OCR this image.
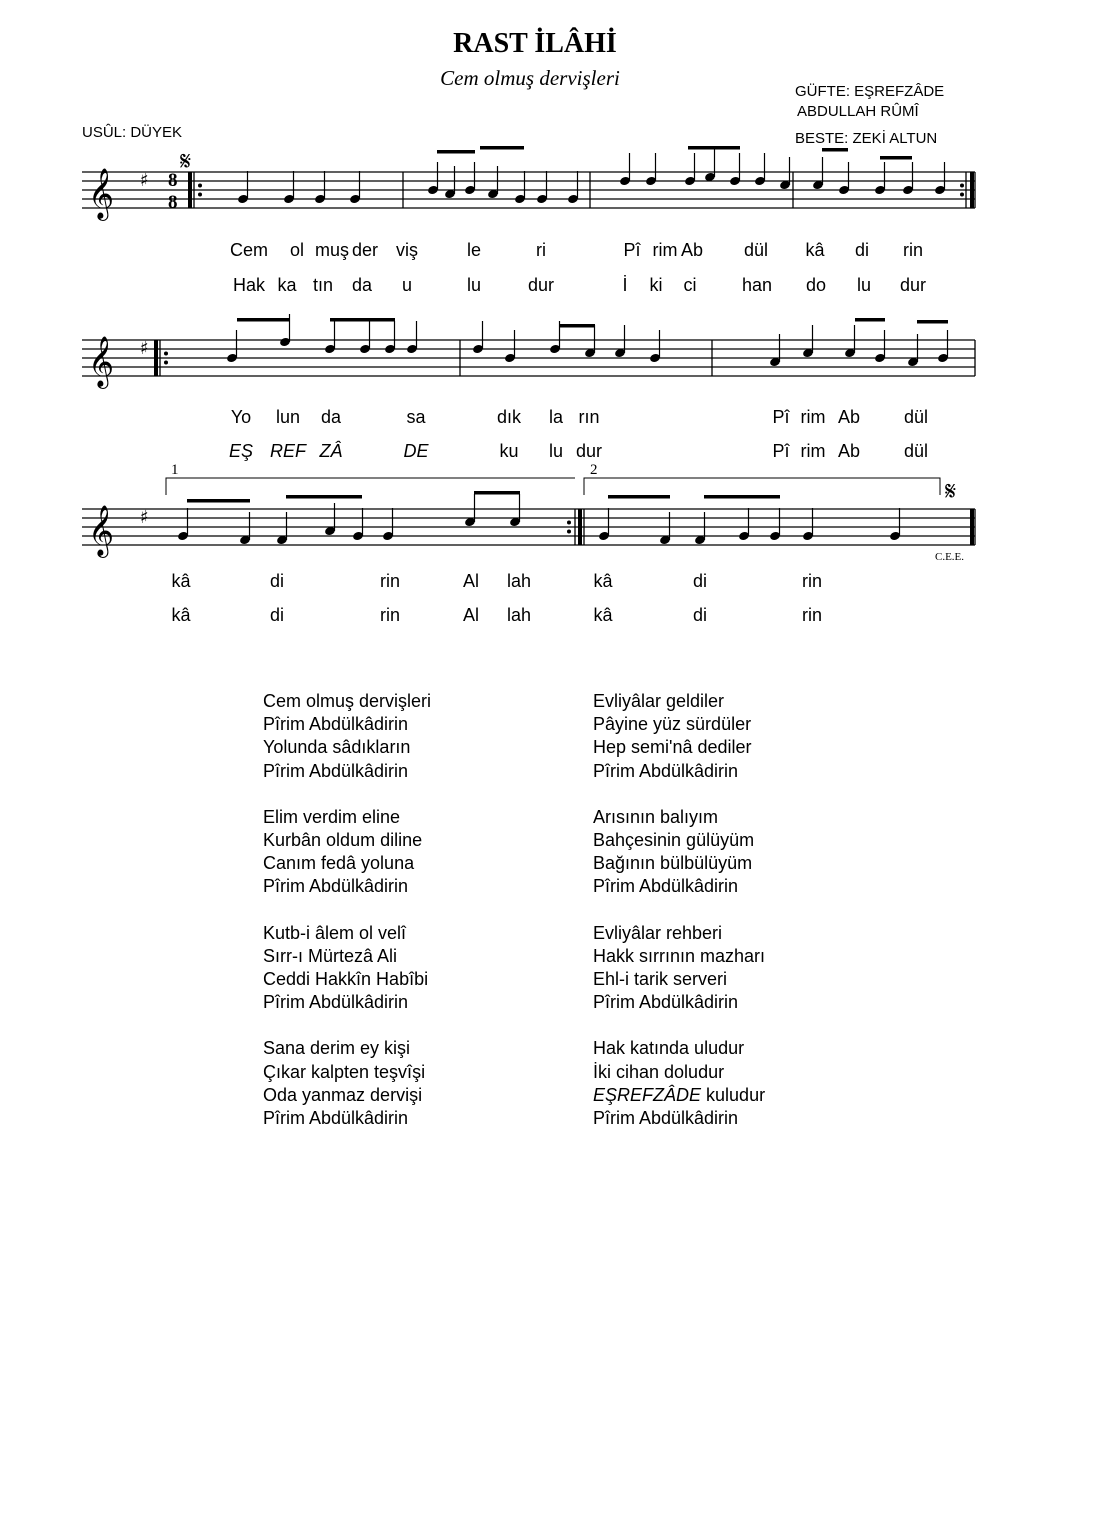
RAST İLÂHİ
Cem olmuş dervişleri
USÛL: DÜYEK
GÜFTE: EŞREFZÂDE
ABDULLAH RÛMÎ
BESTE: ZEKİ ALTUN
𝄞 ♯
𝄞 ♯
𝄞 ♯
𝄋
𝄋
8
8
1	2
C.E.E.
Cem ol muş der viş	le	ri	Pî rim Ab dül kâ di rin
Hak ka tın da u	lu	dur	İ ki ci	han do lu dur
Yo lun da	sa	dık la rın	Pî rim Ab dül
EŞ REF ZÂ	DE	ku lu dur	Pî rim Ab dül
kâ	di	rin	Al lah	kâ	di	rin
kâ	di	rin	Al lah	kâ	di	rin
Cem olmuş dervişleri
Pîrim Abdülkâdirin
Yolunda sâdıkların
Pîrim Abdülkâdirin
Elim verdim eline
Kurbân oldum diline
Canım fedâ yoluna
Pîrim Abdülkâdirin
Kutb-i âlem ol velî
Sırr-ı Mürtezâ Ali
Ceddi Hakkîn Habîbi
Pîrim Abdülkâdirin
Sana derim ey kişi
Çıkar kalpten teşvîşi
Oda yanmaz dervişi
Pîrim Abdülkâdirin
Evliyâlar geldiler
Pâyine yüz sürdüler
Hep semi'nâ dediler
Pîrim Abdülkâdirin
Arısının balıyım
Bahçesinin gülüyüm
Bağının bülbülüyüm
Pîrim Abdülkâdirin
Evliyâlar rehberi
Hakk sırrının mazharı
Ehl-i tarik serveri
Pîrim Abdülkâdirin
Hak katında uludur
İki cihan doludur
EŞREFZÂDE kuludur
Pîrim Abdülkâdirin
